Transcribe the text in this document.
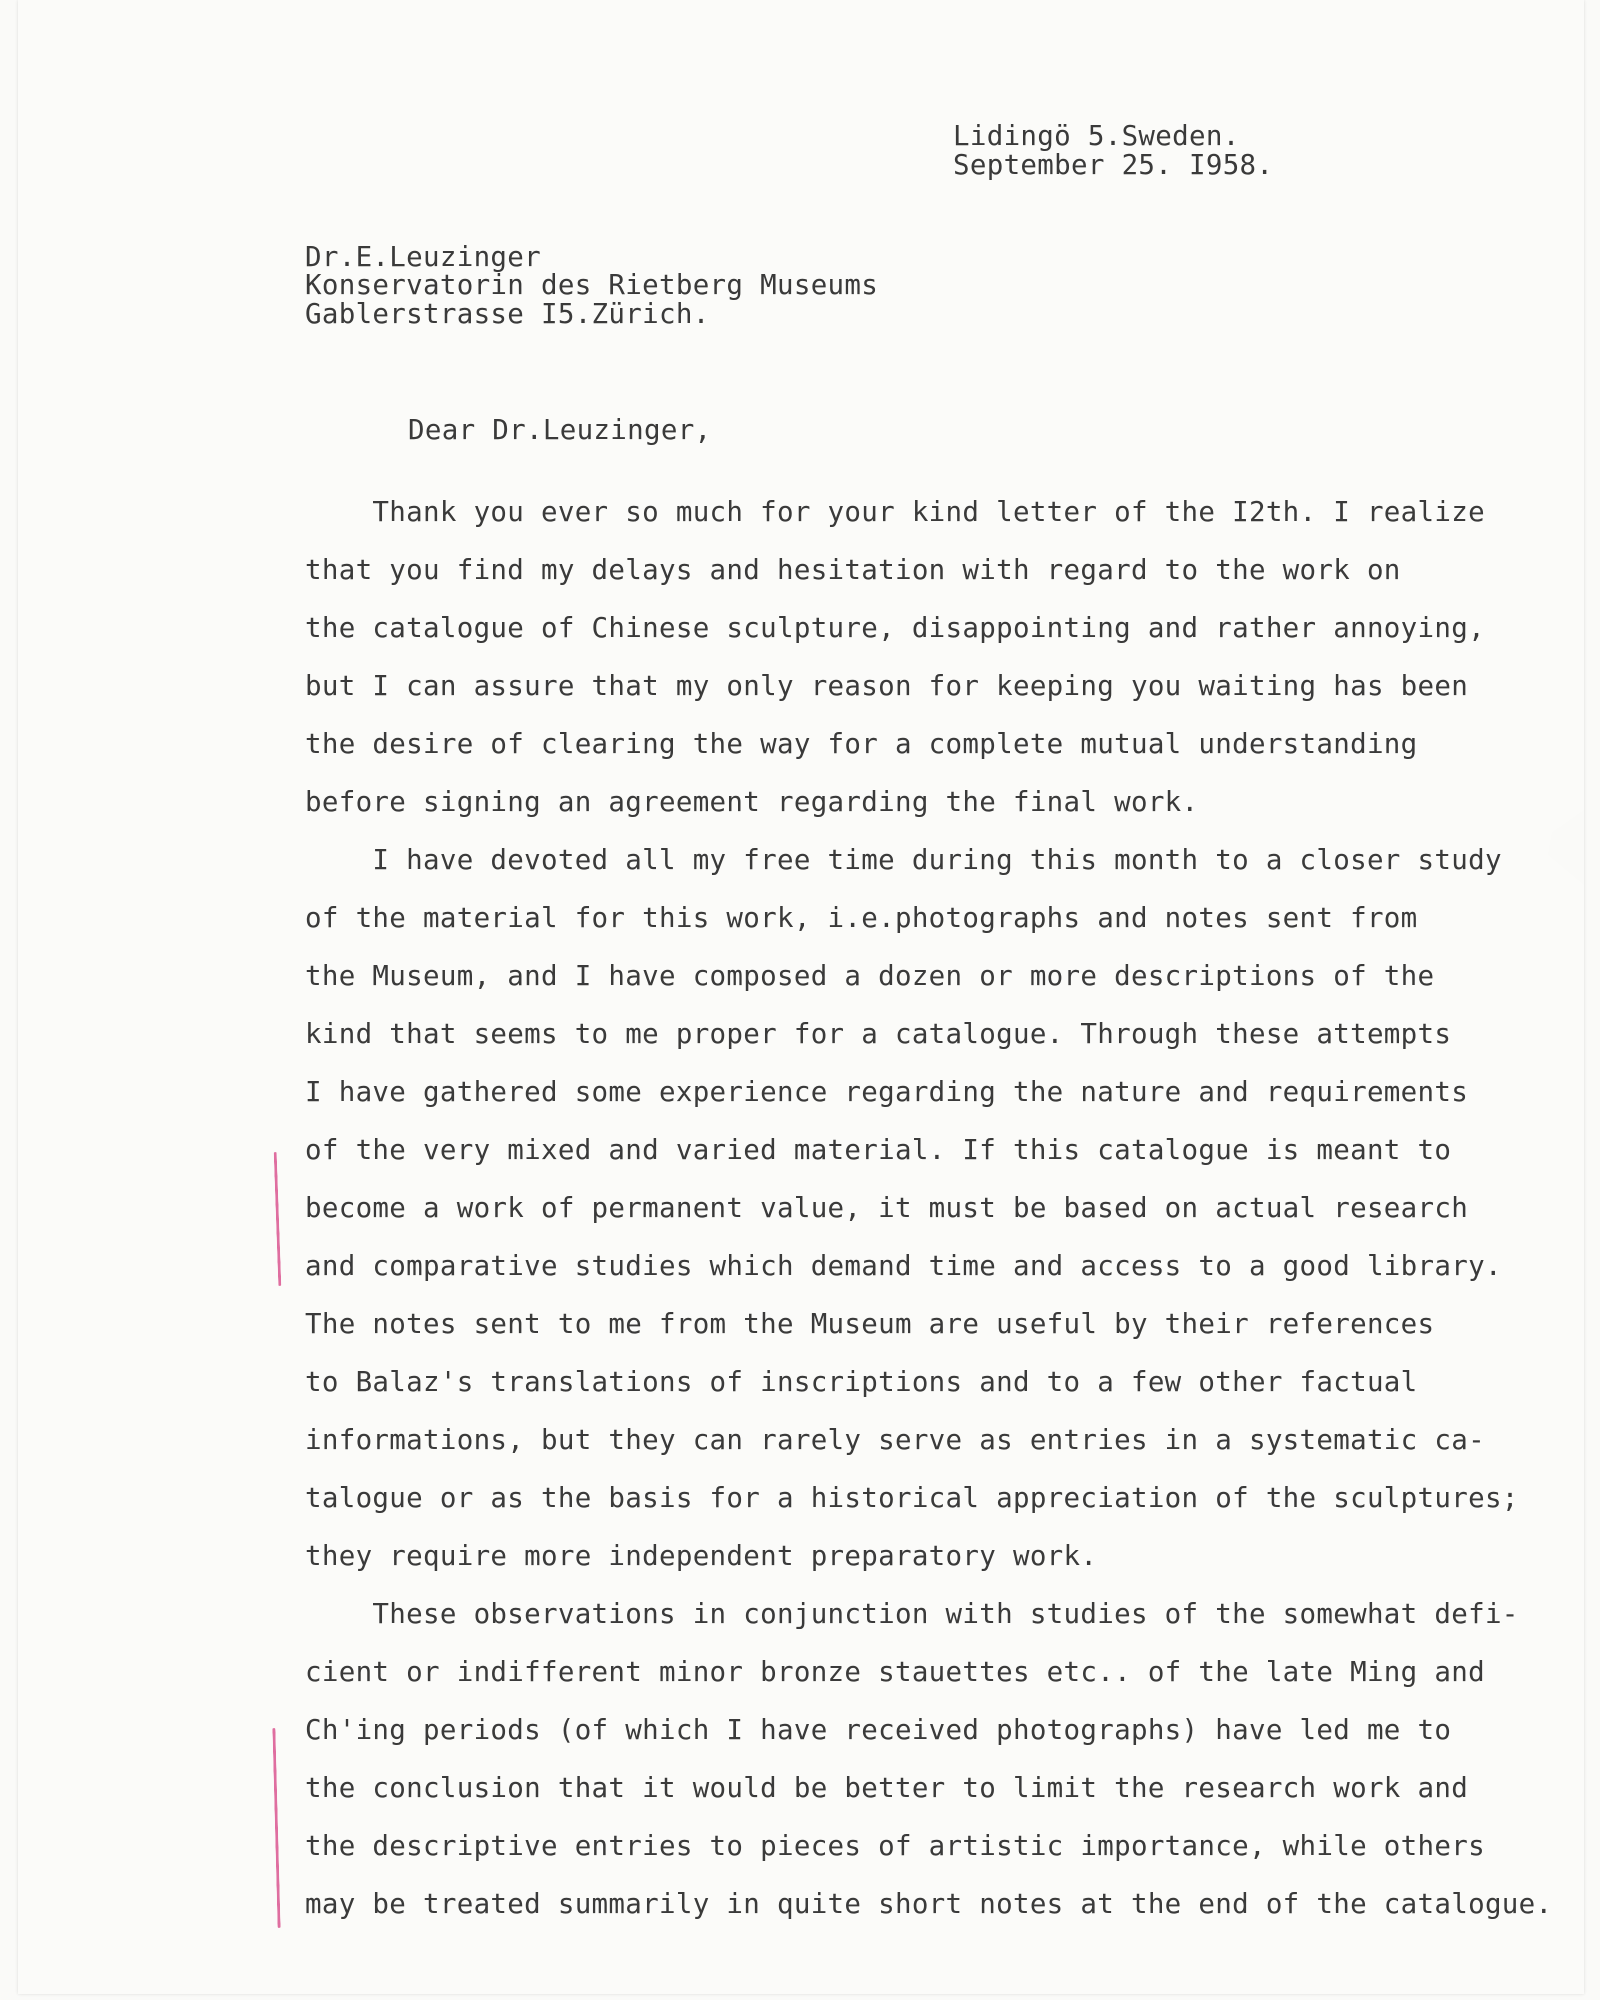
Lidingö 5.Sweden.
September 25. I958.
Dr.E.Leuzinger
Konservatorin des Rietberg Museums
Gablerstrasse I5.Zürich.
Dear Dr.Leuzinger,
Thank you ever so much for your kind letter of the I2th. I realize
that you find my delays and hesitation with regard to the work on
the catalogue of Chinese sculpture, disappointing and rather annoying,
but I can assure that my only reason for keeping you waiting has been
the desire of clearing the way for a complete mutual understanding
before signing an agreement regarding the final work.
I have devoted all my free time during this month to a closer study
of the material for this work, i.e.photographs and notes sent from
the Museum, and I have composed a dozen or more descriptions of the
kind that seems to me proper for a catalogue. Through these attempts
I have gathered some experience regarding the nature and requirements
of the very mixed and varied material. If this catalogue is meant to
become a work of permanent value, it must be based on actual research
and comparative studies which demand time and access to a good library.
The notes sent to me from the Museum are useful by their references
to Balaz's translations of inscriptions and to a few other factual
informations, but they can rarely serve as entries in a systematic ca-
talogue or as the basis for a historical appreciation of the sculptures;
they require more independent preparatory work.
These observations in conjunction with studies of the somewhat defi-
cient or indifferent minor bronze stauettes etc.. of the late Ming and
Ch'ing periods (of which I have received photographs) have led me to
the conclusion that it would be better to limit the research work and
the descriptive entries to pieces of artistic importance, while others
may be treated summarily in quite short notes at the end of the catalogue.
